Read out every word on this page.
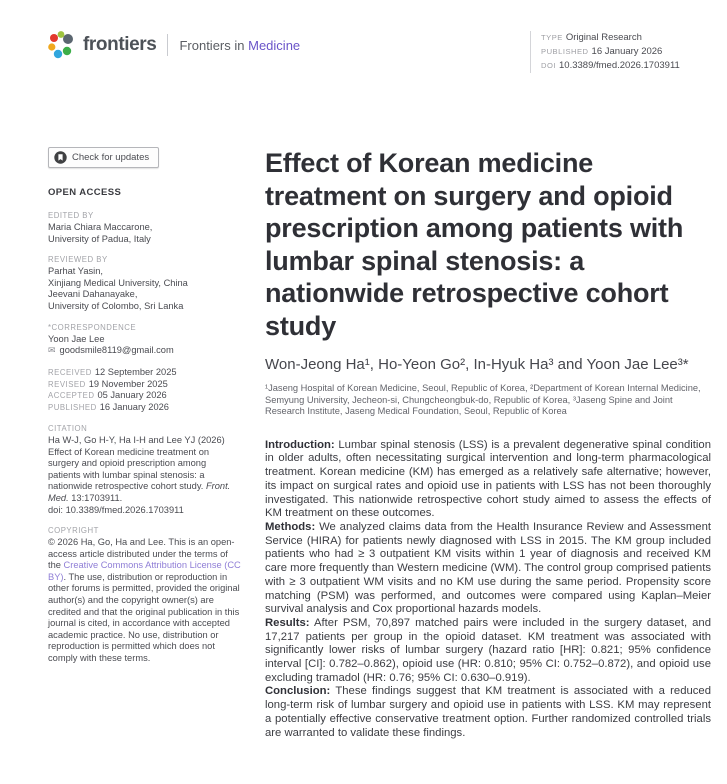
frontiers Frontiers in Medicine	TYPE Original Research
PUBLISHED 16 January 2026
DOI 10.3389/fmed.2026.1703911
Check for updates
OPEN ACCESS
EDITED BY
Maria Chiara Maccarone,
University of Padua, Italy
REVIEWED BY
Parhat Yasin,
Xinjiang Medical University, China
Jeevani Dahanayake,
University of Colombo, Sri Lanka
*CORRESPONDENCE
Yoon Jae Lee
✉ goodsmile8119@gmail.com
RECEIVED 12 September 2025
REVISED 19 November 2025
ACCEPTED 05 January 2026
PUBLISHED 16 January 2026
CITATION
Ha W-J, Go H-Y, Ha I-H and Lee YJ (2026) Effect of Korean medicine treatment on surgery and opioid prescription among patients with lumbar spinal stenosis: a nationwide retrospective cohort study. Front. Med. 13:1703911.
doi: 10.3389/fmed.2026.1703911
COPYRIGHT
© 2026 Ha, Go, Ha and Lee. This is an open-access article distributed under the terms of the Creative Commons Attribution License (CC BY). The use, distribution or reproduction in other forums is permitted, provided the original author(s) and the copyright owner(s) are credited and that the original publication in this journal is cited, in accordance with accepted academic practice. No use, distribution or reproduction is permitted which does not comply with these terms.
Effect of Korean medicine treatment on surgery and opioid prescription among patients with lumbar spinal stenosis: a nationwide retrospective cohort study
Won-Jeong Ha¹, Ho-Yeon Go², In-Hyuk Ha³ and Yoon Jae Lee³*
¹Jaseng Hospital of Korean Medicine, Seoul, Republic of Korea, ²Department of Korean Internal Medicine, Semyung University, Jecheon-si, Chungcheongbuk-do, Republic of Korea, ³Jaseng Spine and Joint Research Institute, Jaseng Medical Foundation, Seoul, Republic of Korea

Introduction: Lumbar spinal stenosis (LSS) is a prevalent degenerative spinal condition in older adults, often necessitating surgical intervention and long-term pharmacological treatment. Korean medicine (KM) has emerged as a relatively safe alternative; however, its impact on surgical rates and opioid use in patients with LSS has not been thoroughly investigated. This nationwide retrospective cohort study aimed to assess the effects of KM treatment on these outcomes.

Methods: We analyzed claims data from the Health Insurance Review and Assessment Service (HIRA) for patients newly diagnosed with LSS in 2015. The KM group included patients who had ≥ 3 outpatient KM visits within 1 year of diagnosis and received KM care more frequently than Western medicine (WM). The control group comprised patients with ≥ 3 outpatient WM visits and no KM use during the same period. Propensity score matching (PSM) was performed, and outcomes were compared using Kaplan–Meier survival analysis and Cox proportional hazards models.

Results: After PSM, 70,897 matched pairs were included in the surgery dataset, and 17,217 patients per group in the opioid dataset. KM treatment was associated with significantly lower risks of lumbar surgery (hazard ratio [HR]: 0.821; 95% confidence interval [CI]: 0.782–0.862), opioid use (HR: 0.810; 95% CI: 0.752–0.872), and opioid use excluding tramadol (HR: 0.76; 95% CI: 0.630–0.919).

Conclusion: These findings suggest that KM treatment is associated with a reduced long-term risk of lumbar surgery and opioid use in patients with LSS. KM may represent a potentially effective conservative treatment option. Further randomized controlled trials are warranted to validate these findings.
